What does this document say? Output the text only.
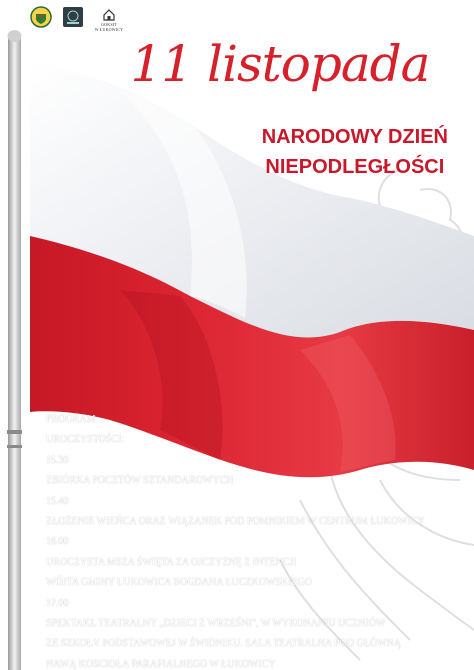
GOKSIT
W ŁUKOWICY
11 listopada
NARODOWY DZIEŃ
NIEPODLEGŁOŚCI
PROGRAM
UROCZYSTOŚCI:
15.30
ZBIÓRKA POCZTÓW SZTANDAROWYCH
15.40
ZŁOŻENIE WIEŃCA ORAZ WIĄZANEK POD POMNIKIEM W CENTRUM ŁUKOWICY
16.00
UROCZYSTA MSZA ŚWIĘTA ZA OJCZYZNĘ Z INTENCJI
WÓJTA GMINY ŁUKOWICA BOGDANA ŁUCZKOWSKIEGO
17.00
SPEKTAKL TEATRALNY „DZIECI Z WRZEŚNI", W WYKONANIU UCZNIÓW
ZE SZKOŁY PODSTAWOWEJ W ŚWIDNIKU. SALA TEATRALNA POD GŁÓWNĄ
NAWĄ KOSCIOŁA PARAFIALNEGO W ŁUKOWICY
